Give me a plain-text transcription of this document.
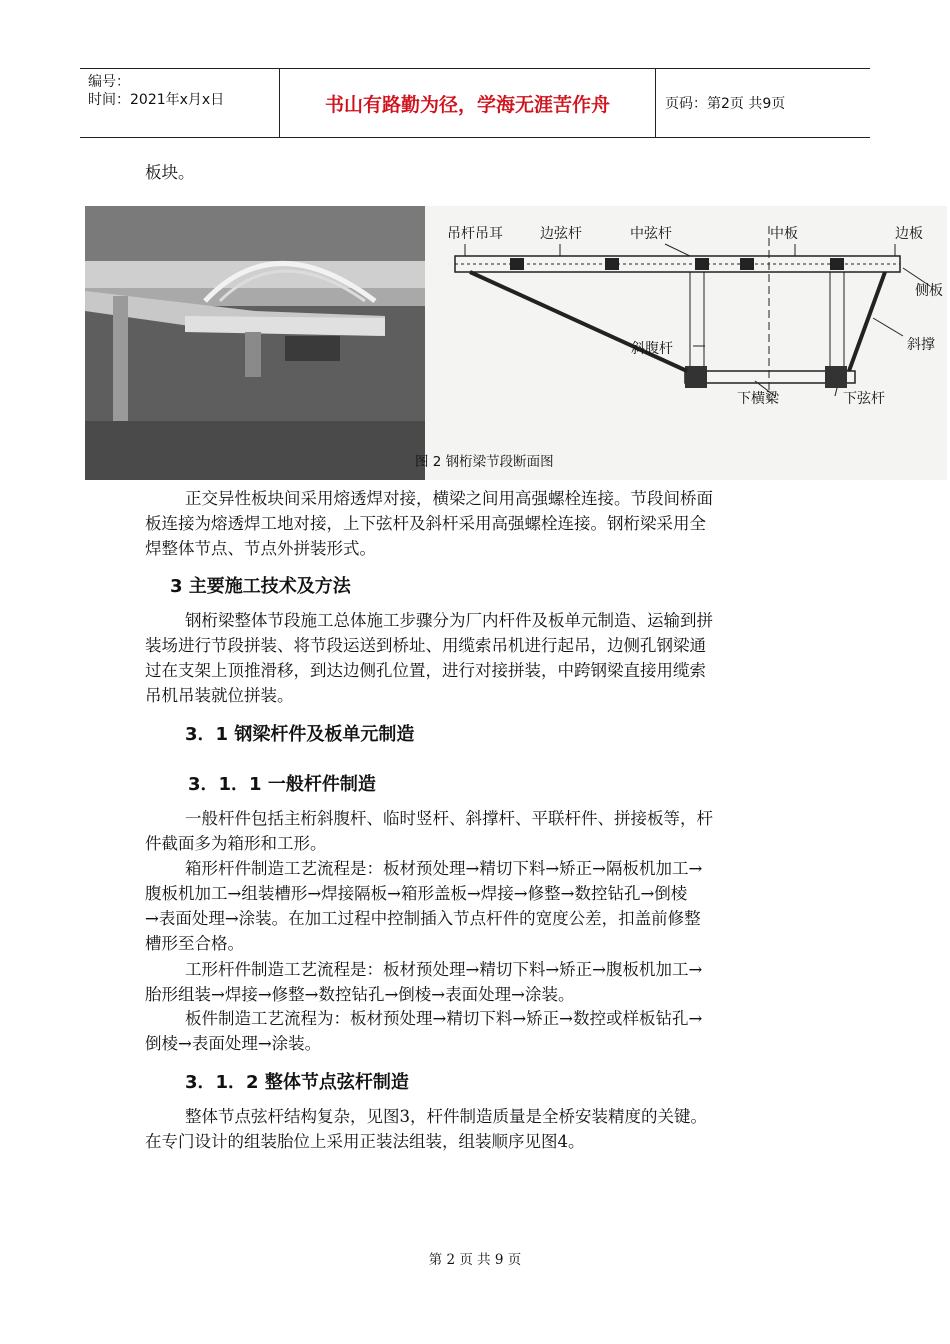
编号：
时间：2021年x月x日	书山有路勤为径，学海无涯苦作舟	页码：第2页 共9页
板块。
吊杆吊耳	边弦杆	中弦杆	中板	边板
侧板
斜腹杆	斜撑
下横梁	下弦杆
图 2 钢桁梁节段断面图
正交异性板块间采用熔透焊对接，横梁之间用高强螺栓连接。节段间桥面
板连接为熔透焊工地对接，上下弦杆及斜杆采用高强螺栓连接。钢桁梁采用全
焊整体节点、节点外拼装形式。
3 主要施工技术及方法
钢桁梁整体节段施工总体施工步骤分为厂内杆件及板单元制造、运输到拼
装场进行节段拼装、将节段运送到桥址、用缆索吊机进行起吊，边侧孔钢梁通
过在支架上顶推滑移，到达边侧孔位置，进行对接拼装，中跨钢梁直接用缆索
吊机吊装就位拼装。
3．1 钢梁杆件及板单元制造
3．1．1 一般杆件制造
一般杆件包括主桁斜腹杆、临时竖杆、斜撑杆、平联杆件、拼接板等，杆
件截面多为箱形和工形。
箱形杆件制造工艺流程是：板材预处理→精切下料→矫正→隔板机加工→
腹板机加工→组装槽形→焊接隔板→箱形盖板→焊接→修整→数控钻孔→倒棱
→表面处理→涂装。在加工过程中控制插入节点杆件的宽度公差，扣盖前修整
槽形至合格。
工形杆件制造工艺流程是：板材预处理→精切下料→矫正→腹板机加工→
胎形组装→焊接→修整→数控钻孔→倒棱→表面处理→涂装。
板件制造工艺流程为：板材预处理→精切下料→矫正→数控或样板钻孔→
倒棱→表面处理→涂装。
3．1．2 整体节点弦杆制造
整体节点弦杆结构复杂，见图3，杆件制造质量是全桥安装精度的关键。
在专门设计的组装胎位上采用正装法组装，组装顺序见图4。
第 2 页 共 9 页
